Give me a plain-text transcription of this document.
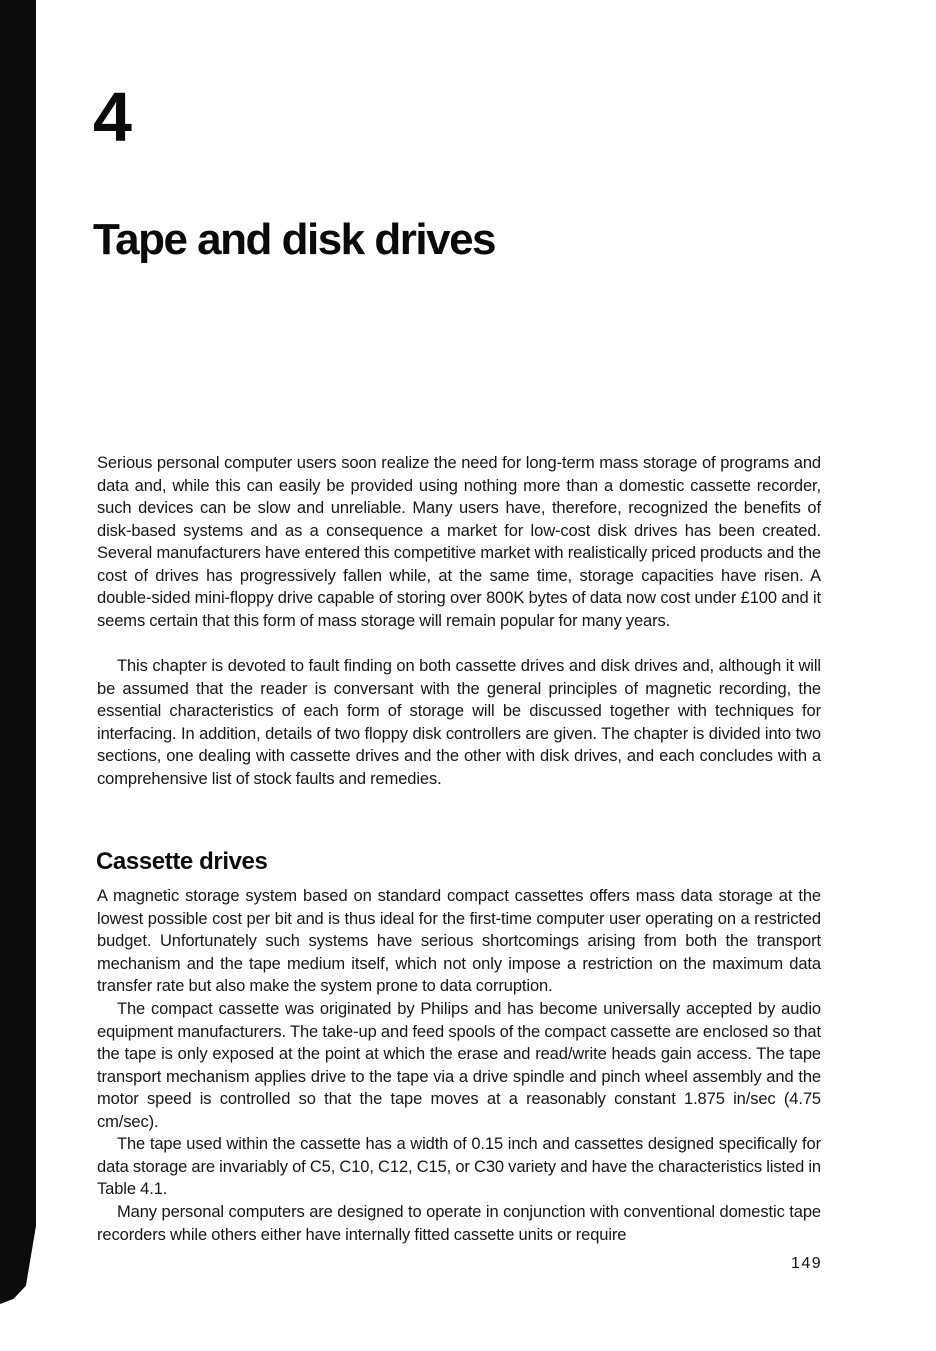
4
Tape and disk drives

Serious personal computer users soon realize the need for long-term mass storage of programs and data and, while this can easily be provided using nothing more than a domestic cassette recorder, such devices can be slow and unreliable. Many users have, therefore, recognized the benefits of disk-based systems and as a consequence a market for low-cost disk drives has been created. Several manufacturers have entered this competitive market with realistically priced products and the cost of drives has progressively fallen while, at the same time, storage capacities have risen. A double-sided mini-floppy drive capable of storing over 800K bytes of data now cost under £100 and it seems certain that this form of mass storage will remain popular for many years.

This chapter is devoted to fault finding on both cassette drives and disk drives and, although it will be assumed that the reader is conversant with the general principles of magnetic recording, the essential characteristics of each form of storage will be discussed together with techniques for interfacing. In addition, details of two floppy disk controllers are given. The chapter is divided into two sections, one dealing with cassette drives and the other with disk drives, and each concludes with a comprehensive list of stock faults and remedies.

Cassette drives

A magnetic storage system based on standard compact cassettes offers mass data storage at the lowest possible cost per bit and is thus ideal for the first-time computer user operating on a restricted budget. Unfortunately such systems have serious shortcomings arising from both the transport mechanism and the tape medium itself, which not only impose a restriction on the maximum data transfer rate but also make the system prone to data corruption.

The compact cassette was originated by Philips and has become universally accepted by audio equipment manufacturers. The take-up and feed spools of the compact cassette are enclosed so that the tape is only exposed at the point at which the erase and read/write heads gain access. The tape transport mechanism applies drive to the tape via a drive spindle and pinch wheel assembly and the motor speed is controlled so that the tape moves at a reasonably constant 1.875 in/sec (4.75 cm/sec).

The tape used within the cassette has a width of 0.15 inch and cassettes designed specifically for data storage are invariably of C5, C10, C12, C15, or C30 variety and have the characteristics listed in Table 4.1.

Many personal computers are designed to operate in conjunction with conventional domestic tape recorders while others either have internally fitted cassette units or require

149
